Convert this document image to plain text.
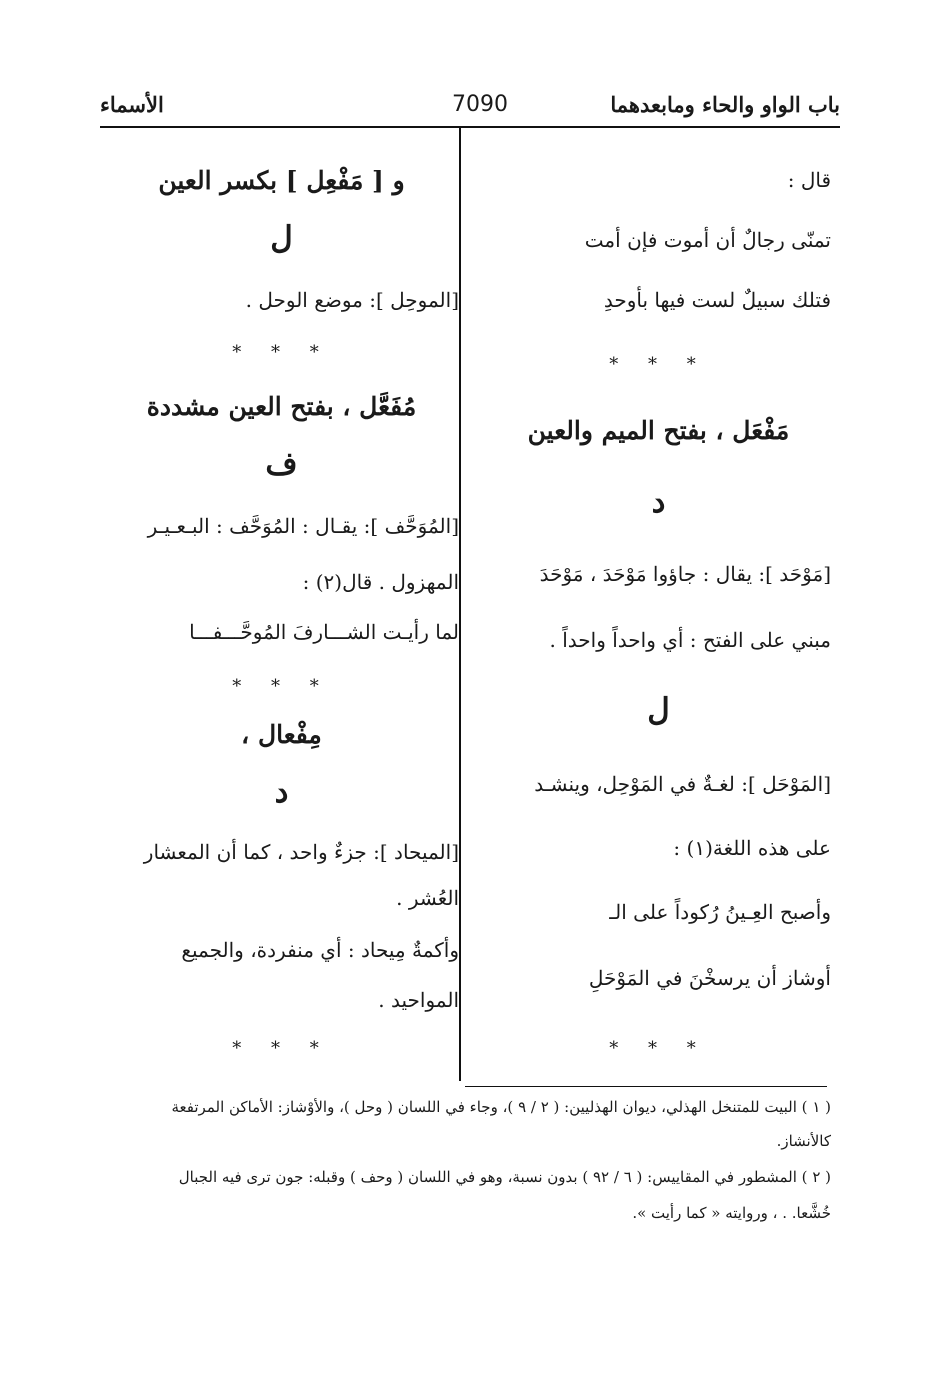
باب الواو والحاء ومابعدهما
7090
الأسماء
قال :
تمنّى رجالٌ أن أموت فإن أمت
فتلك سبيلٌ لست فيها بأوحدِ
* * *
مَفْعَل ، بفتح الميم والعين
د
[مَوْحَد ]: يقال : جاؤوا مَوْحَدَ ، مَوْحَدَ
مبني على الفتح : أي واحداً واحداً .
ل
[المَوْحَل ]: لغـةٌ في المَوْحِل، وينشـد
على هذه اللغة(١) :
وأصبح العِـينُ رُكوداً على الـ
أوشاز أن يرسخْنَ في المَوْحَلِ
* * *
و [ مَفْعِل ] بكسر العين
ل
[الموحِل ]: موضع الوحل .
* * *
مُفَعَّل ، بفتح العين مشددة
ف
[المُوَحَّف ]: يقـال : المُوَحَّف : البـعـيـر
المهزول . قال(٢) :
لما رأيـت الشـــارفَ المُوحَّـــفـــا
* * *
مِفْعال ،
د
[الميحاد ]: جزءٌ واحد ، كما أن المعشار
العُشر .
وأكمةٌ مِيحاد : أي منفردة، والجميع
المواحيد .
* * *
( ١ ) البيت للمتنخل الهذلي، ديوان الهذليين: ( ٢ / ٩ )، وجاء في اللسان ( وحل )، والأوْشاز: الأماكن المرتفعة
كالأنشاز.
( ٢ ) المشطور في المقاييس: ( ٦ / ٩٢ ) بدون نسبة، وهو في اللسان ( وحف ) وقبله: جون ترى فيه الجبال
خُشَّعا. . ، وروايته « كما رأيت ».
